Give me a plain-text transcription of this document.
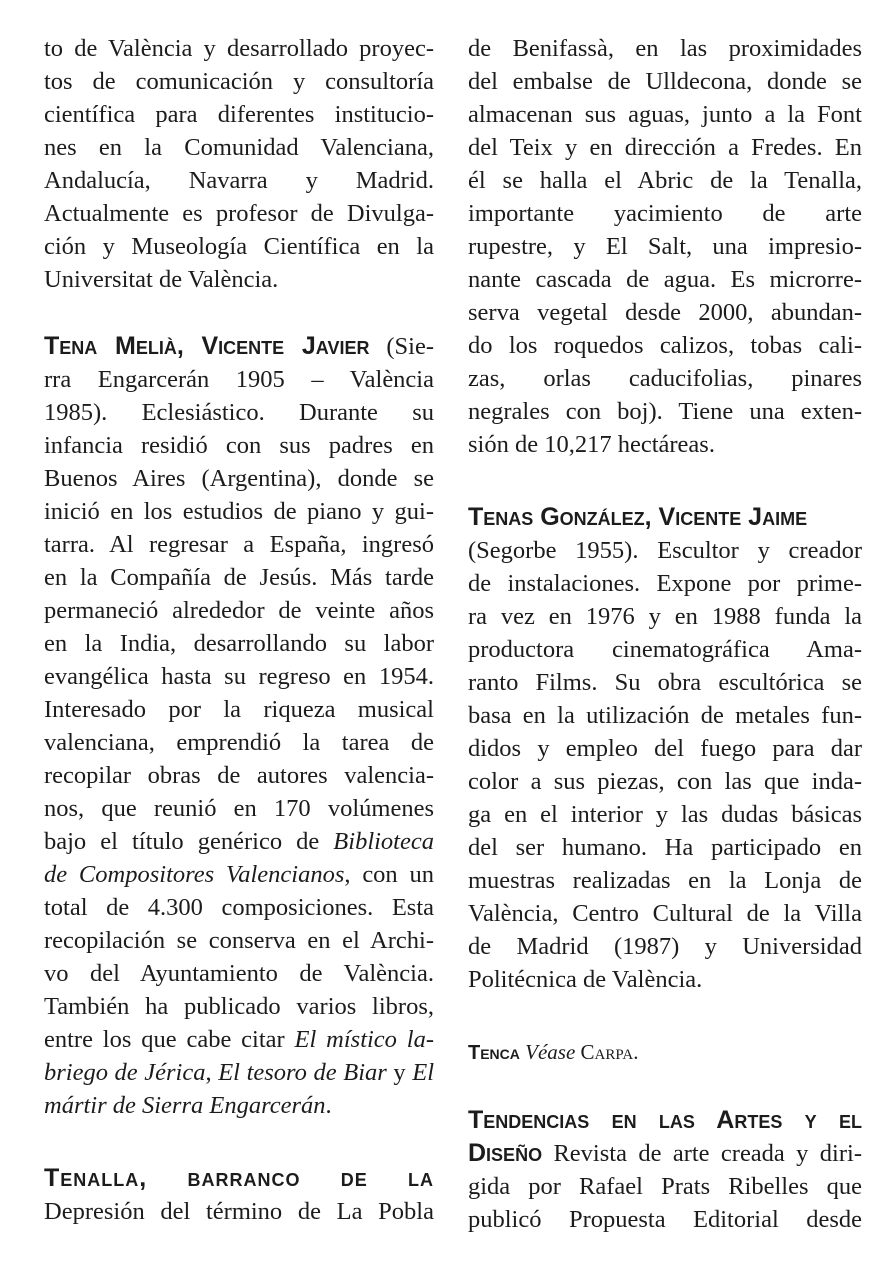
to de València y desarrollado proyec-
tos de comunicación y consultoría
científica para diferentes institucio-
nes en la Comunidad Valenciana,
Andalucía, Navarra y Madrid.
Actualmente es profesor de Divulga-
ción y Museología Científica en la
Universitat de València.
Tena Melià, Vicente Javier (Sie-
rra Engarcerán 1905 – València
1985). Eclesiástico. Durante su
infancia residió con sus padres en
Buenos Aires (Argentina), donde se
inició en los estudios de piano y gui-
tarra. Al regresar a España, ingresó
en la Compañía de Jesús. Más tarde
permaneció alrededor de veinte años
en la India, desarrollando su labor
evangélica hasta su regreso en 1954.
Interesado por la riqueza musical
valenciana, emprendió la tarea de
recopilar obras de autores valencia-
nos, que reunió en 170 volúmenes
bajo el título genérico de Biblioteca
de Compositores Valencianos, con un
total de 4.300 composiciones. Esta
recopilación se conserva en el Archi-
vo del Ayuntamiento de València.
También ha publicado varios libros,
entre los que cabe citar El místico la-
briego de Jérica, El tesoro de Biar y El
mártir de Sierra Engarcerán.
Tenalla, barranco de la
Depresión del término de La Pobla
de Benifassà, en las proximidades
del embalse de Ulldecona, donde se
almacenan sus aguas, junto a la Font
del Teix y en dirección a Fredes. En
él se halla el Abric de la Tenalla,
importante yacimiento de arte
rupestre, y El Salt, una impresio-
nante cascada de agua. Es microrre-
serva vegetal desde 2000, abundan-
do los roquedos calizos, tobas cali-
zas, orlas caducifolias, pinares
negrales con boj). Tiene una exten-
sión de 10,217 hectáreas.
Tenas González, Vicente Jaime
(Segorbe 1955). Escultor y creador
de instalaciones. Expone por prime-
ra vez en 1976 y en 1988 funda la
productora cinematográfica Ama-
ranto Films. Su obra escultórica se
basa en la utilización de metales fun-
didos y empleo del fuego para dar
color a sus piezas, con las que inda-
ga en el interior y las dudas básicas
del ser humano. Ha participado en
muestras realizadas en la Lonja de
València, Centro Cultural de la Villa
de Madrid (1987) y Universidad
Politécnica de València.
Tenca Véase Carpa.
Tendencias en las Artes y el
Diseño Revista de arte creada y diri-
gida por Rafael Prats Ribelles que
publicó Propuesta Editorial desde
